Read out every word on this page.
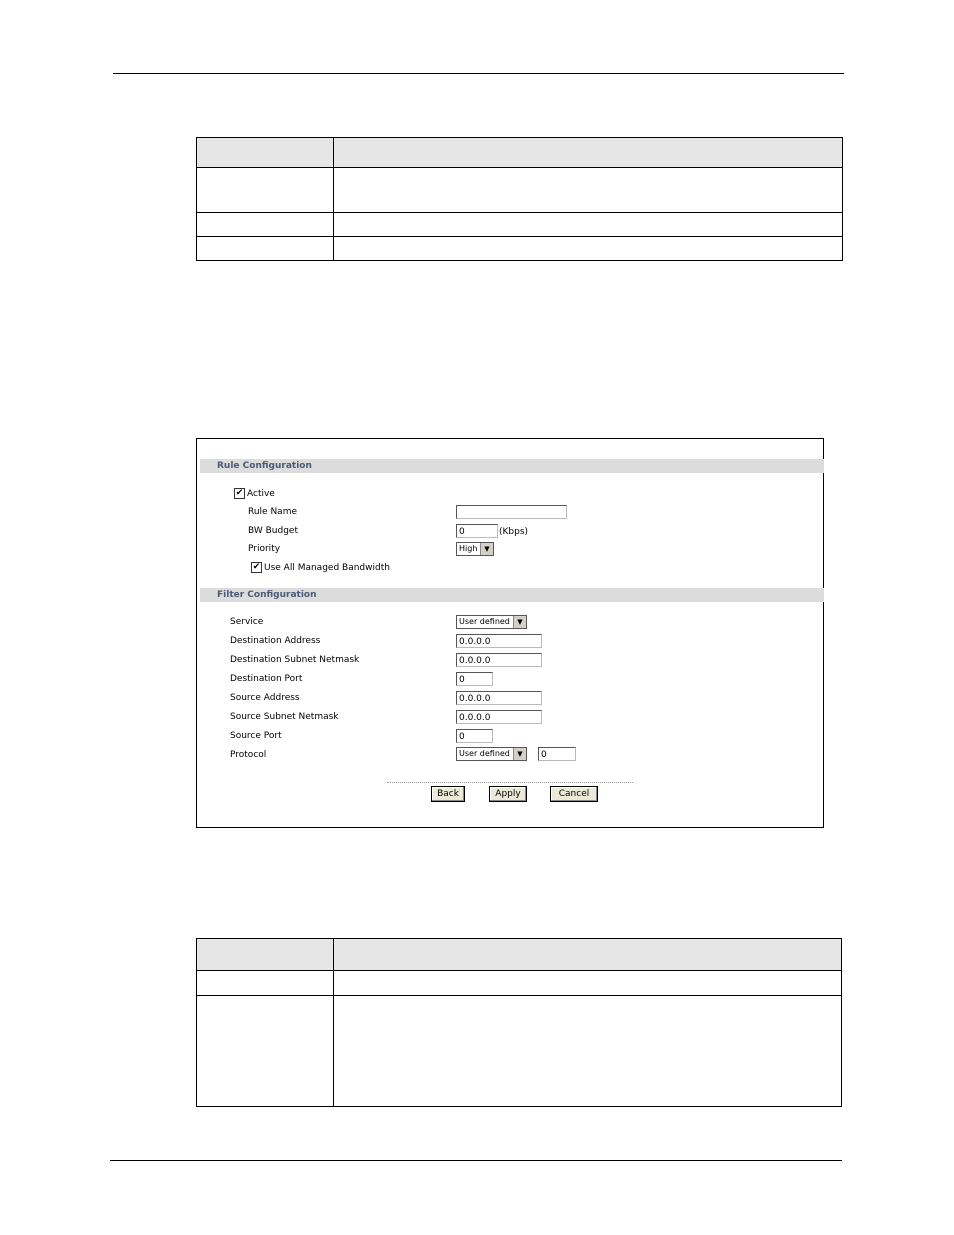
Rule Configuration
✔ Active
Rule Name
BW Budget	0	(Kbps)
Priority	High ▼
✔ Use All Managed Bandwidth
Filter Configuration
Service	User defined	▼
Destination Address	0.0.0.0
Destination Subnet Netmask	0.0.0.0
Destination Port	0
Source Address	0.0.0.0
Source Subnet Netmask	0.0.0.0
Source Port	0
Protocol	User defined	▼	0
Back	Apply	Cancel
